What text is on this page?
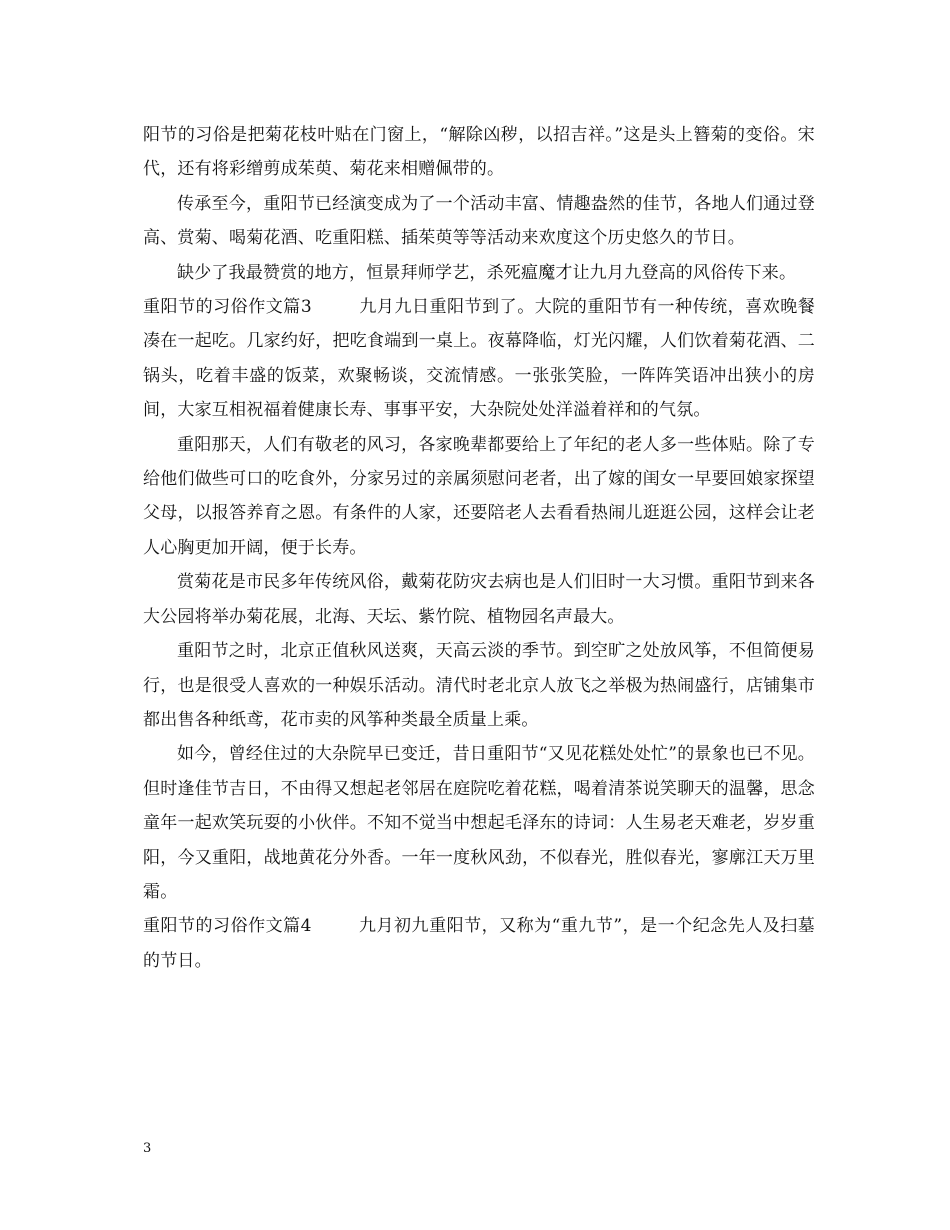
阳节的习俗是把菊花枝叶贴在门窗上，“解除凶秽，以招吉祥。”这是头上簪菊的变俗。宋代，还有将彩缯剪成茱萸、菊花来相赠佩带的。

传承至今，重阳节已经演变成为了一个活动丰富、情趣盎然的佳节，各地人们通过登高、赏菊、喝菊花酒、吃重阳糕、插茱萸等等活动来欢度这个历史悠久的节日。

缺少了我最赞赏的地方，恒景拜师学艺，杀死瘟魔才让九月九登高的风俗传下来。

重阳节的习俗作文篇3	九月九日重阳节到了。大院的重阳节有一种传统，喜欢晚餐凑在一起吃。几家约好，把吃食端到一桌上。夜幕降临，灯光闪耀，人们饮着菊花酒、二锅头，吃着丰盛的饭菜，欢聚畅谈，交流情感。一张张笑脸，一阵阵笑语冲出狭小的房间，大家互相祝福着健康长寿、事事平安，大杂院处处洋溢着祥和的气氛。

重阳那天，人们有敬老的风习，各家晚辈都要给上了年纪的老人多一些体贴。除了专给他们做些可口的吃食外，分家另过的亲属须慰问老者，出了嫁的闺女一早要回娘家探望父母，以报答养育之恩。有条件的人家，还要陪老人去看看热闹儿逛逛公园，这样会让老人心胸更加开阔，便于长寿。

赏菊花是市民多年传统风俗，戴菊花防灾去病也是人们旧时一大习惯。重阳节到来各大公园将举办菊花展，北海、天坛、紫竹院、植物园名声最大。

重阳节之时，北京正值秋风送爽，天高云淡的季节。到空旷之处放风筝，不但简便易行，也是很受人喜欢的一种娱乐活动。清代时老北京人放飞之举极为热闹盛行，店铺集市都出售各种纸鸢，花市卖的风筝种类最全质量上乘。

如今，曾经住过的大杂院早已变迁，昔日重阳节“又见花糕处处忙”的景象也已不见。但时逢佳节吉日，不由得又想起老邻居在庭院吃着花糕，喝着清茶说笑聊天的温馨，思念童年一起欢笑玩耍的小伙伴。不知不觉当中想起毛泽东的诗词：人生易老天难老，岁岁重阳，今又重阳，战地黄花分外香。一年一度秋风劲，不似春光，胜似春光，寥廓江天万里霜。

重阳节的习俗作文篇4	九月初九重阳节，又称为“重九节”，是一个纪念先人及扫墓的节日。

3
